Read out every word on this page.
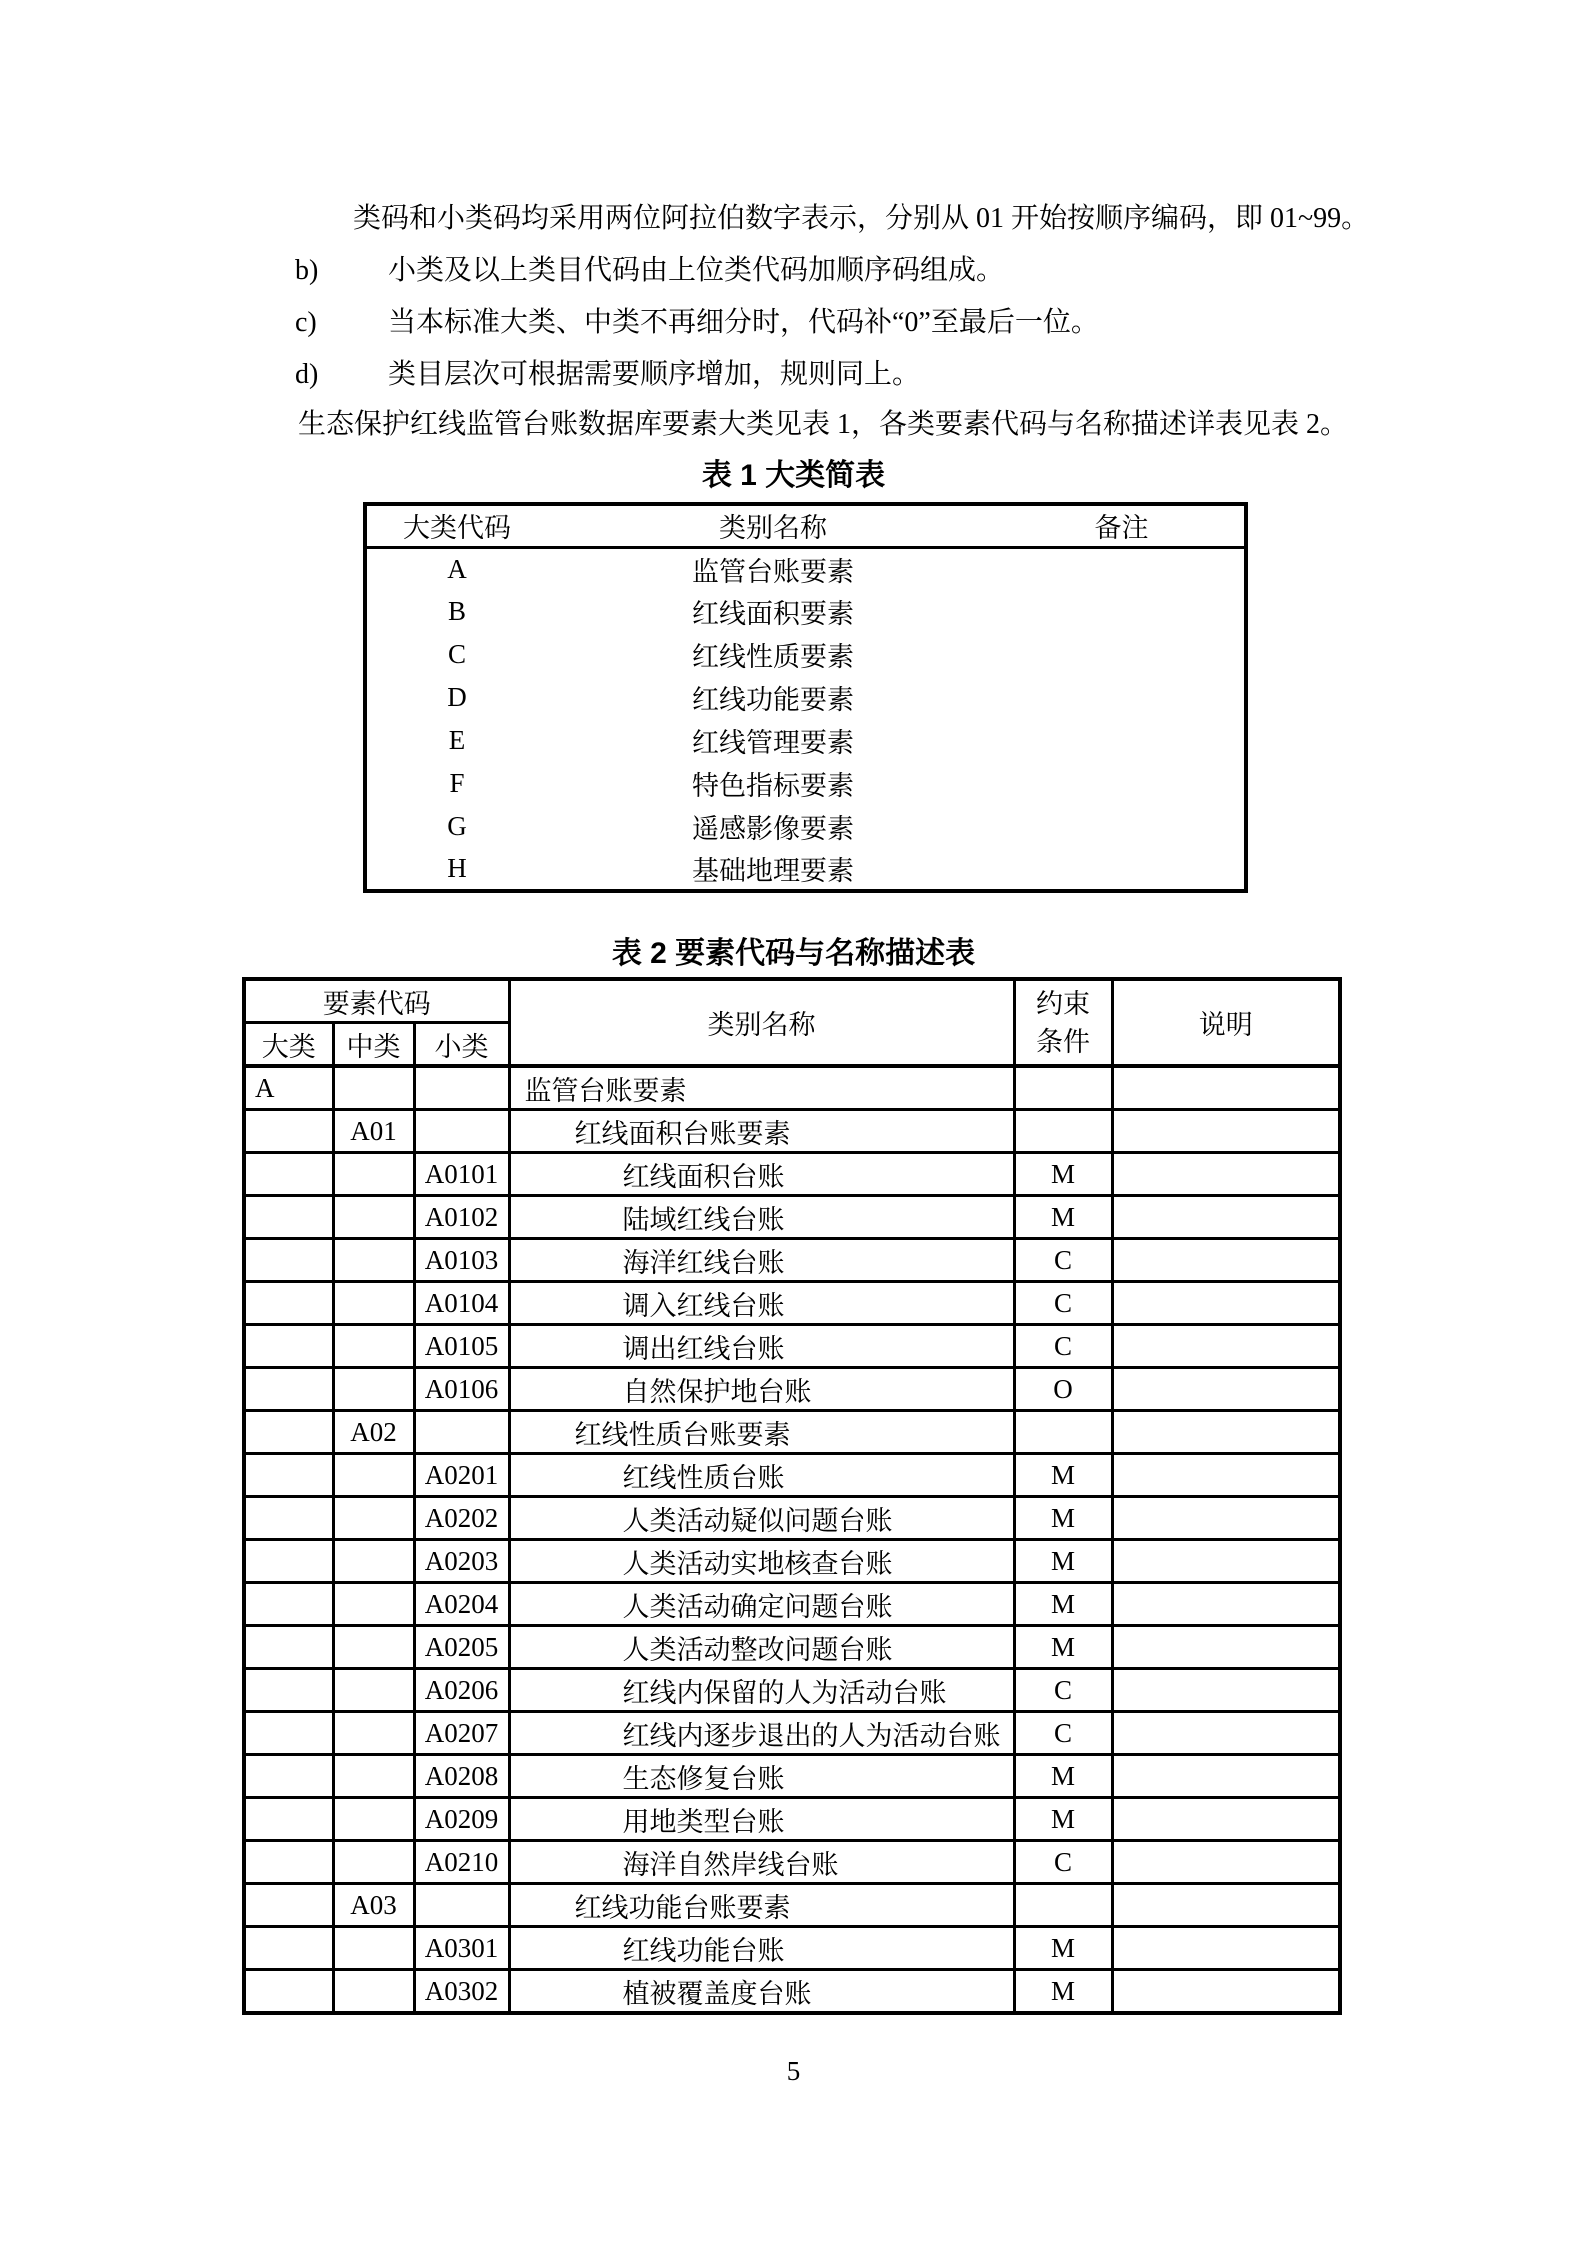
类码和小类码均采用两位阿拉伯数字表示，分别从 01 开始按顺序编码，即 01~99。
b)	小类及以上类目代码由上位类代码加顺序码组成。
c)	当本标准大类、中类不再细分时，代码补“0”至最后一位。
d)	类目层次可根据需要顺序增加，规则同上。
生态保护红线监管台账数据库要素大类见表 1，各类要素代码与名称描述详表见表 2。
表 1 大类简表
大类代码	类别名称	备注
A	监管台账要素	
B	红线面积要素	
C	红线性质要素	
D	红线功能要素	
E	红线管理要素	
F	特色指标要素	
G	遥感影像要素	
H	基础地理要素	
表 2 要素代码与名称描述表
要素代码			类别名称	约束
条件	说明
大类	中类	小类			
A			监管台账要素		
	A01		红线面积台账要素		
		A0101	红线面积台账	M	
		A0102	陆域红线台账	M	
		A0103	海洋红线台账	C	
		A0104	调入红线台账	C	
		A0105	调出红线台账	C	
		A0106	自然保护地台账	O	
	A02		红线性质台账要素		
		A0201	红线性质台账	M	
		A0202	人类活动疑似问题台账	M	
		A0203	人类活动实地核查台账	M	
		A0204	人类活动确定问题台账	M	
		A0205	人类活动整改问题台账	M	
		A0206	红线内保留的人为活动台账	C	
		A0207	红线内逐步退出的人为活动台账	C	
		A0208	生态修复台账	M	
		A0209	用地类型台账	M	
		A0210	海洋自然岸线台账	C	
	A03		红线功能台账要素		
		A0301	红线功能台账	M	
		A0302	植被覆盖度台账	M	
5
